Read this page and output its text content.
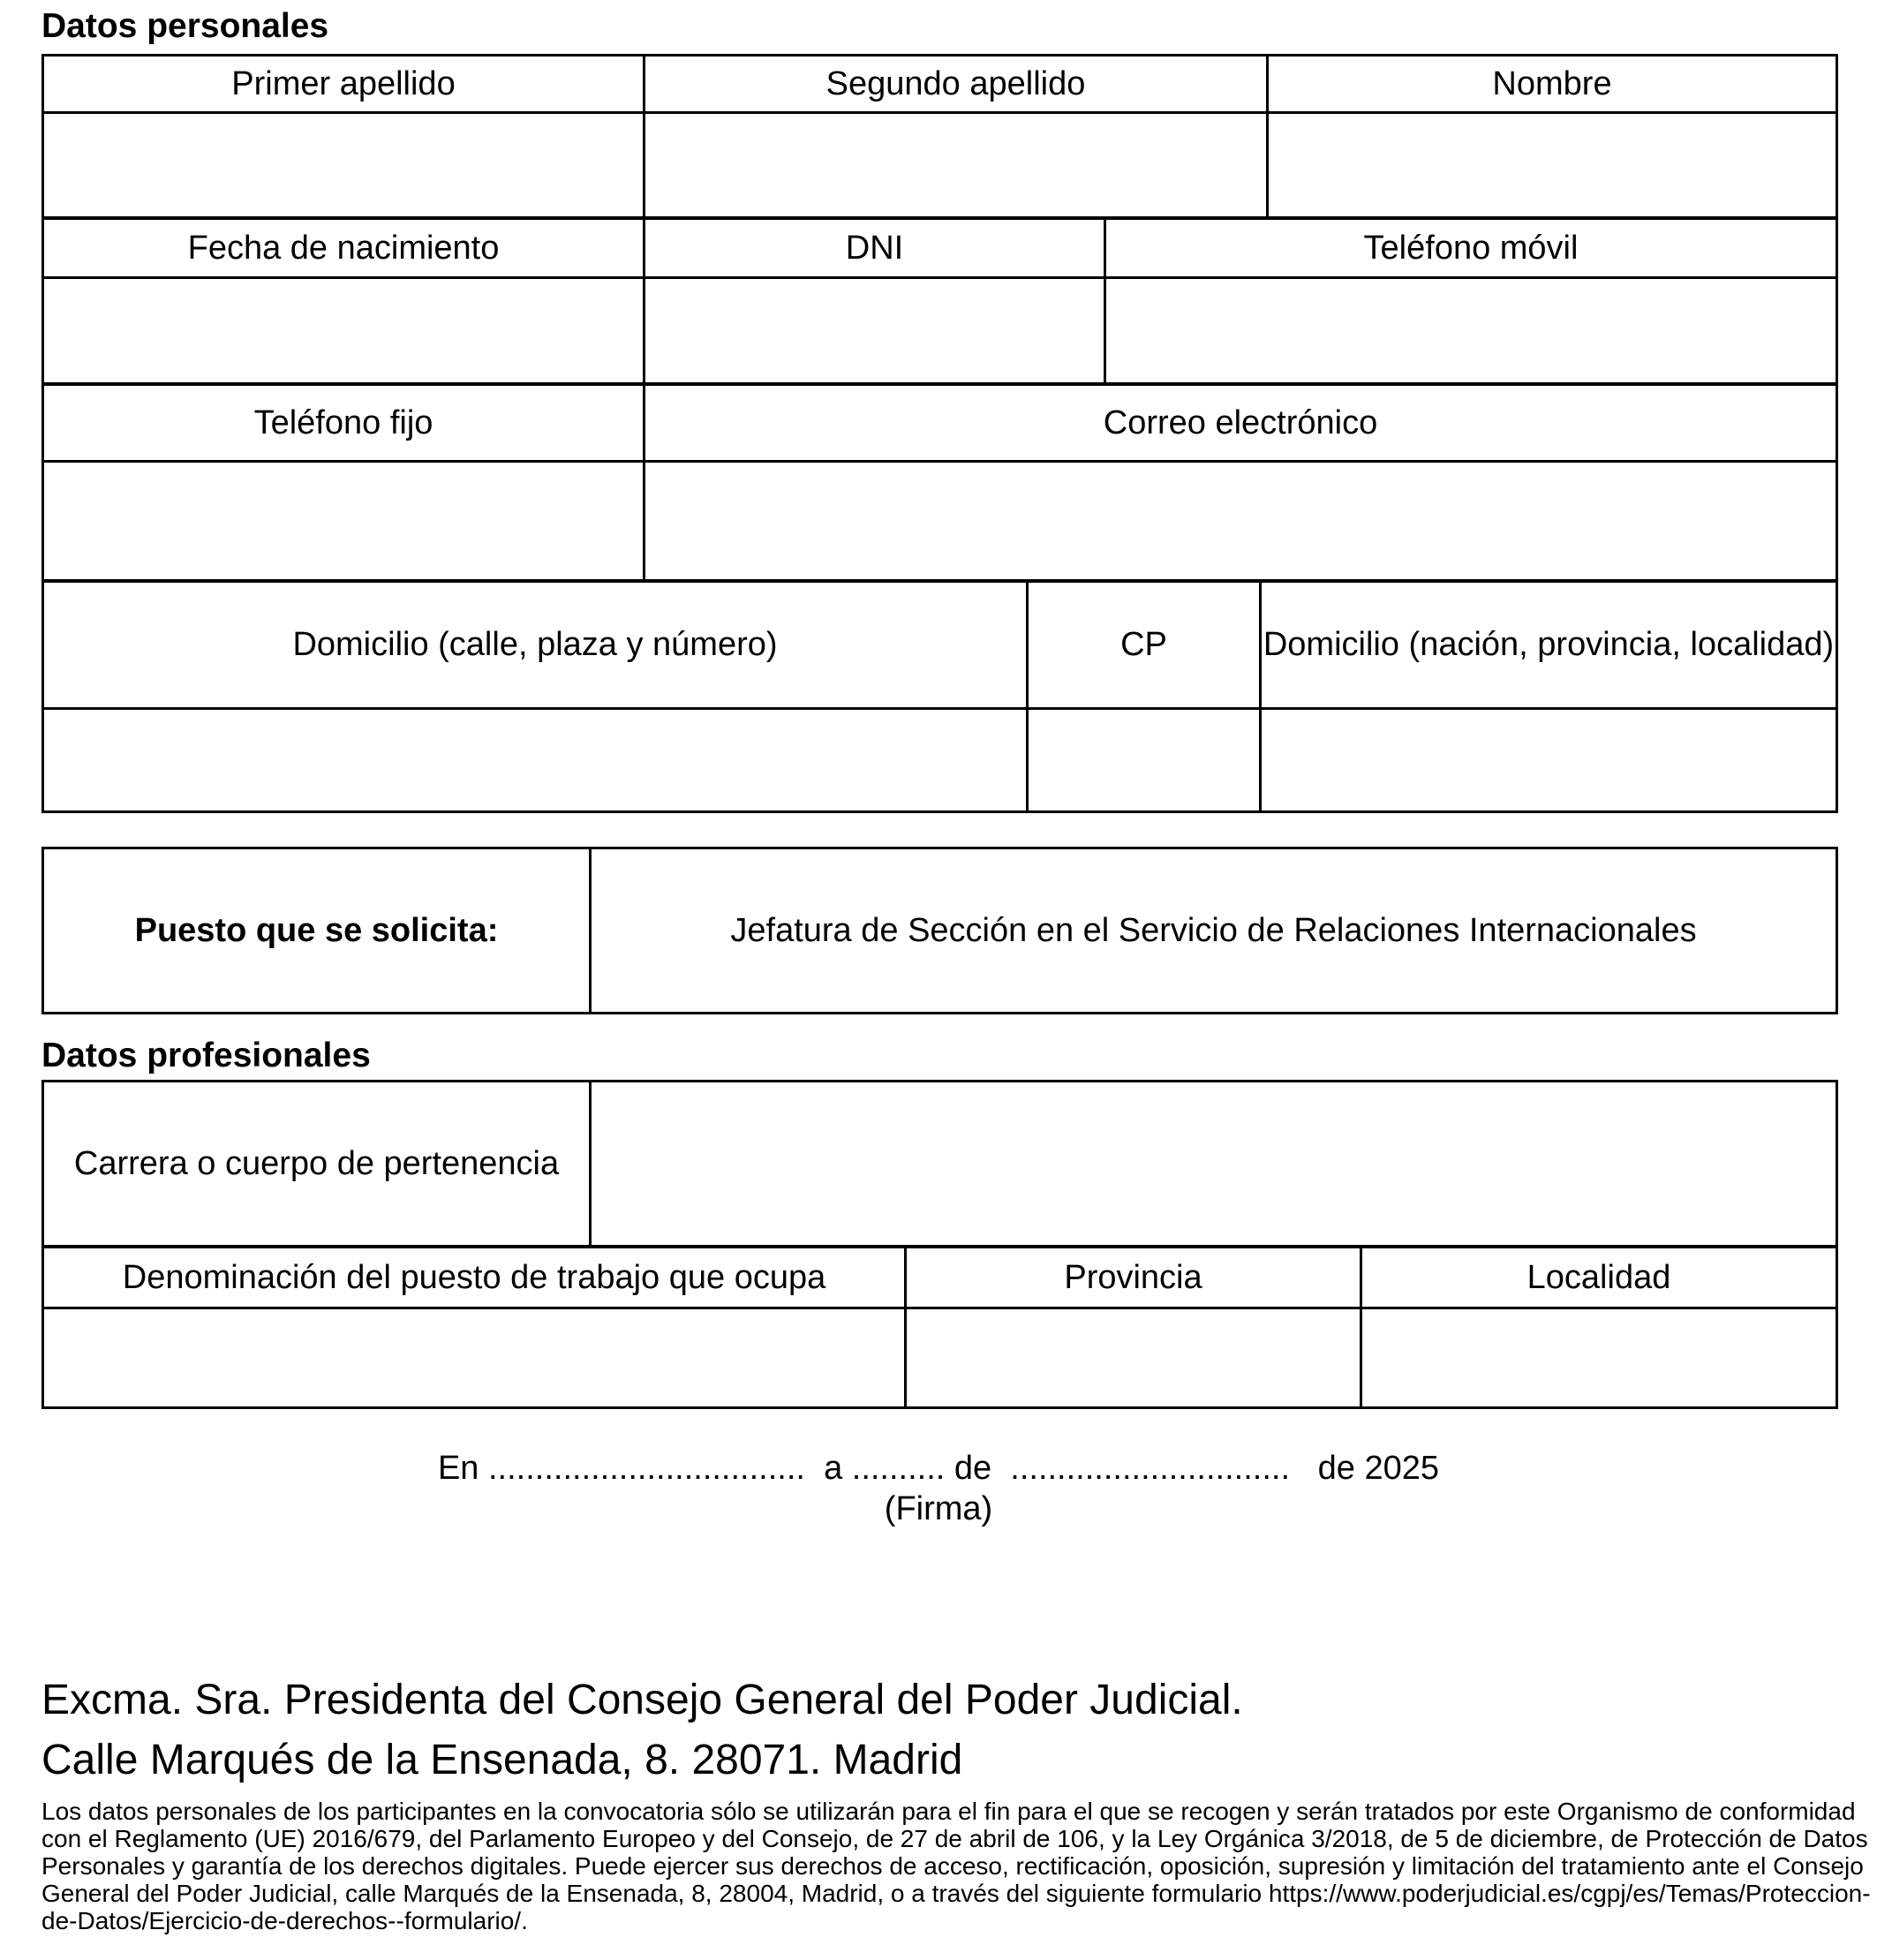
Datos personales
Primer apellido	Segundo apellido	Nombre

Fecha de nacimiento	DNI	Teléfono móvil

Teléfono fijo	Correo electrónico

Domicilio (calle, plaza y número)	CP	Domicilio (nación, provincia, localidad)

Puesto que se solicita:	Jefatura de Sección en el Servicio de Relaciones Internacionales
Datos profesionales
Carrera o cuerpo de pertenencia	
Denominación del puesto de trabajo que ocupa	Provincia	Localidad

En ..................................  a .......... de  ..............................   de 2025
(Firma)
Excma. Sra. Presidenta del Consejo General del Poder Judicial.
Calle Marqués de la Ensenada, 8. 28071. Madrid
Los datos personales de los participantes en la convocatoria sólo se utilizarán para el fin para el que se recogen y serán tratados por este Organismo de conformidad
con el Reglamento (UE) 2016/679, del Parlamento Europeo y del Consejo, de 27 de abril de 106, y la Ley Orgánica 3/2018, de 5 de diciembre, de Protección de Datos
Personales y garantía de los derechos digitales. Puede ejercer sus derechos de acceso, rectificación, oposición, supresión y limitación del tratamiento ante el Consejo
General del Poder Judicial, calle Marqués de la Ensenada, 8, 28004, Madrid, o a través del siguiente formulario https://www.poderjudicial.es/cgpj/es/Temas/Proteccion-
de-Datos/Ejercicio-de-derechos--formulario/.
